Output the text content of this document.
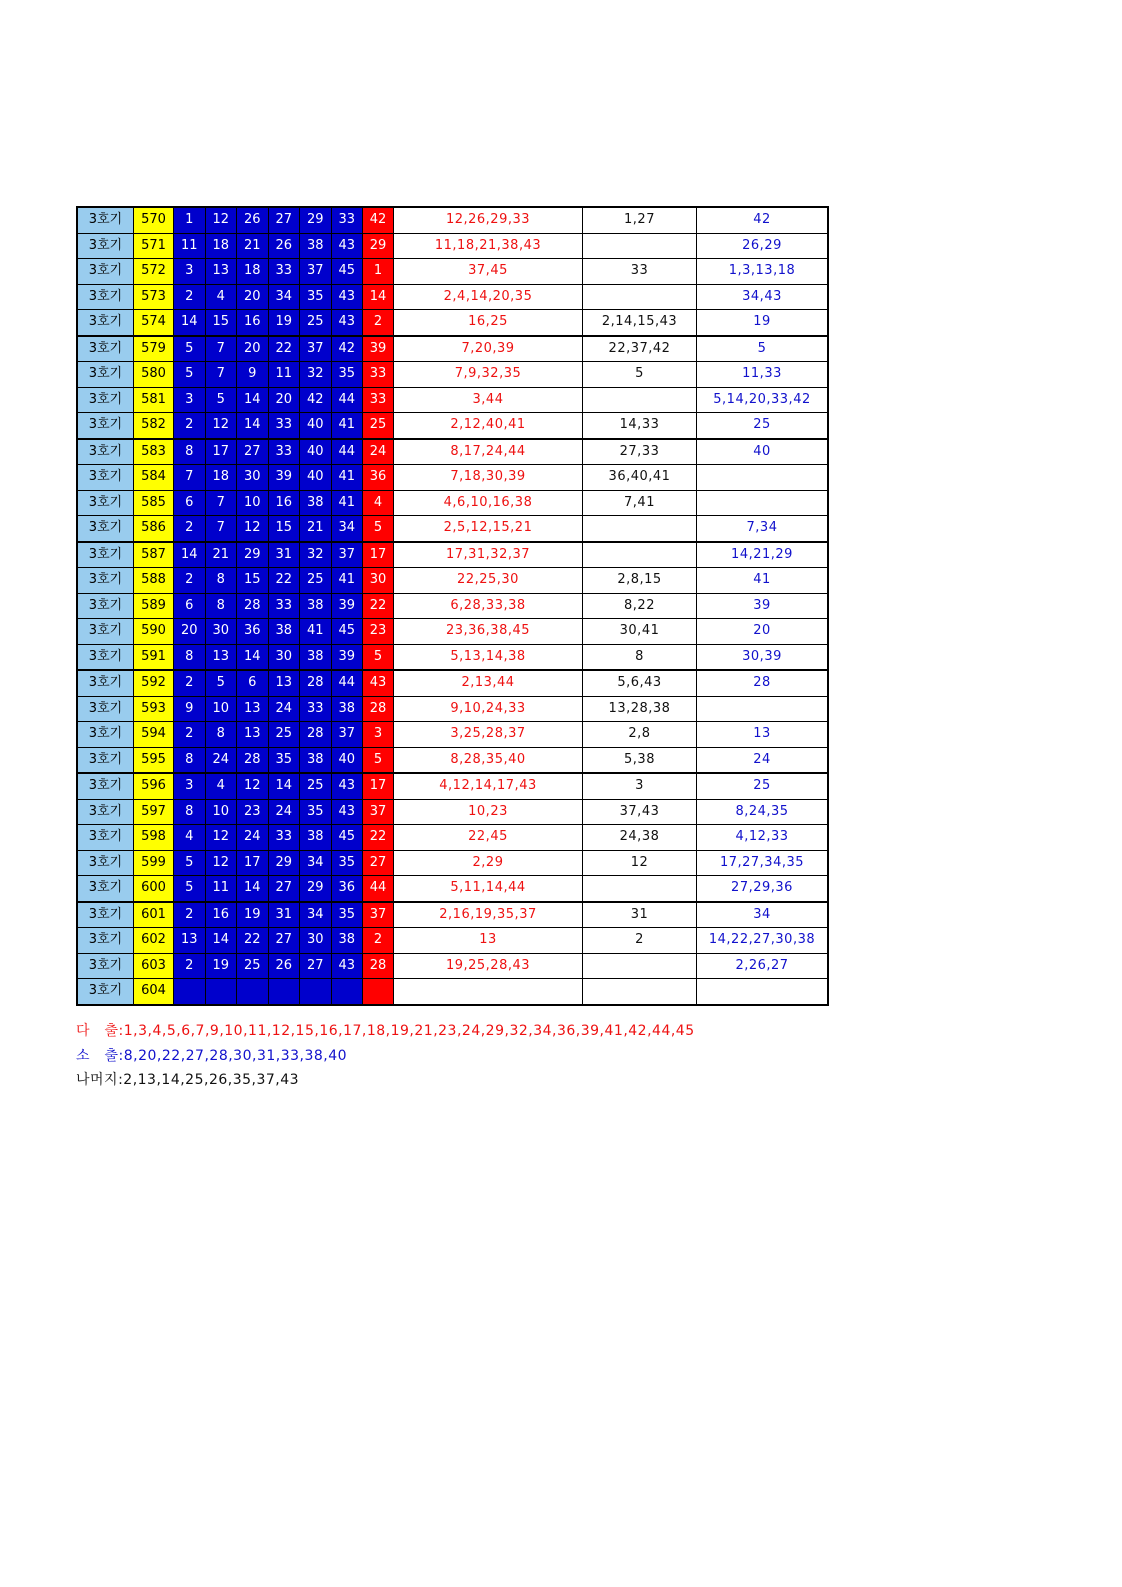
3호기	570	1	12	26	27	29	33	42	12,26,29,33	1,27	42
3호기	571	11	18	21	26	38	43	29	11,18,21,38,43		26,29
3호기	572	3	13	18	33	37	45	1	37,45	33	1,3,13,18
3호기	573	2	4	20	34	35	43	14	2,4,14,20,35		34,43
3호기	574	14	15	16	19	25	43	2	16,25	2,14,15,43	19
3호기	579	5	7	20	22	37	42	39	7,20,39	22,37,42	5
3호기	580	5	7	9	11	32	35	33	7,9,32,35	5	11,33
3호기	581	3	5	14	20	42	44	33	3,44		5,14,20,33,42
3호기	582	2	12	14	33	40	41	25	2,12,40,41	14,33	25
3호기	583	8	17	27	33	40	44	24	8,17,24,44	27,33	40
3호기	584	7	18	30	39	40	41	36	7,18,30,39	36,40,41	
3호기	585	6	7	10	16	38	41	4	4,6,10,16,38	7,41	
3호기	586	2	7	12	15	21	34	5	2,5,12,15,21		7,34
3호기	587	14	21	29	31	32	37	17	17,31,32,37		14,21,29
3호기	588	2	8	15	22	25	41	30	22,25,30	2,8,15	41
3호기	589	6	8	28	33	38	39	22	6,28,33,38	8,22	39
3호기	590	20	30	36	38	41	45	23	23,36,38,45	30,41	20
3호기	591	8	13	14	30	38	39	5	5,13,14,38	8	30,39
3호기	592	2	5	6	13	28	44	43	2,13,44	5,6,43	28
3호기	593	9	10	13	24	33	38	28	9,10,24,33	13,28,38	
3호기	594	2	8	13	25	28	37	3	3,25,28,37	2,8	13
3호기	595	8	24	28	35	38	40	5	8,28,35,40	5,38	24
3호기	596	3	4	12	14	25	43	17	4,12,14,17,43	3	25
3호기	597	8	10	23	24	35	43	37	10,23	37,43	8,24,35
3호기	598	4	12	24	33	38	45	22	22,45	24,38	4,12,33
3호기	599	5	12	17	29	34	35	27	2,29	12	17,27,34,35
3호기	600	5	11	14	27	29	36	44	5,11,14,44		27,29,36
3호기	601	2	16	19	31	34	35	37	2,16,19,35,37	31	34
3호기	602	13	14	22	27	30	38	2	13	2	14,22,27,30,38
3호기	603	2	19	25	26	27	43	28	19,25,28,43		2,26,27
3호기	604										
다　출:1,3,4,5,6,7,9,10,11,12,15,16,17,18,19,21,23,24,29,32,34,36,39,41,42,44,45
소　출:8,20,22,27,28,30,31,33,38,40
나머지:2,13,14,25,26,35,37,43
